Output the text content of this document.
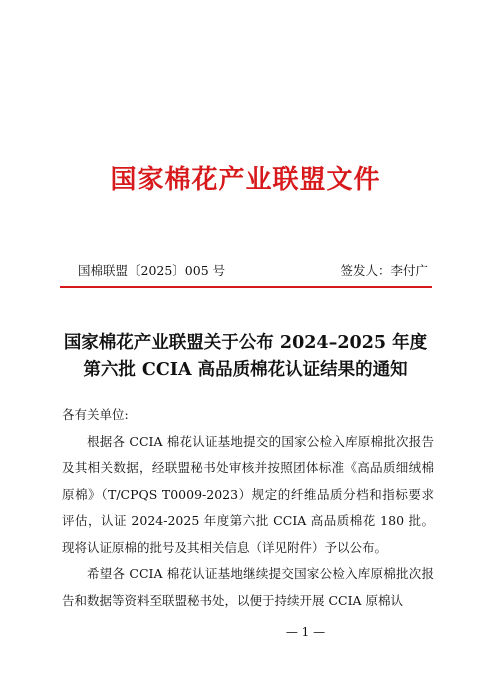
国家棉花产业联盟文件
国棉联盟〔2025〕005 号	签发人：李付广
国家棉花产业联盟关于公布 2024–2025 年度
第六批 CCIA 高品质棉花认证结果的通知

各有关单位:

根据各 CCIA 棉花认证基地提交的国家公检入库原棉批次报告及其相关数据，经联盟秘书处审核并按照团体标准《高品质细绒棉 原棉》（T/CPQS T0009-2023）规定的纤维品质分档和指标要求评估，认证 2024-2025 年度第六批 CCIA 高品质棉花 180 批。现将认证原棉的批号及其相关信息（详见附件）予以公布。

希望各 CCIA 棉花认证基地继续提交国家公检入库原棉批次报告和数据等资料至联盟秘书处，以便于持续开展 CCIA 原棉认

— 1 —
